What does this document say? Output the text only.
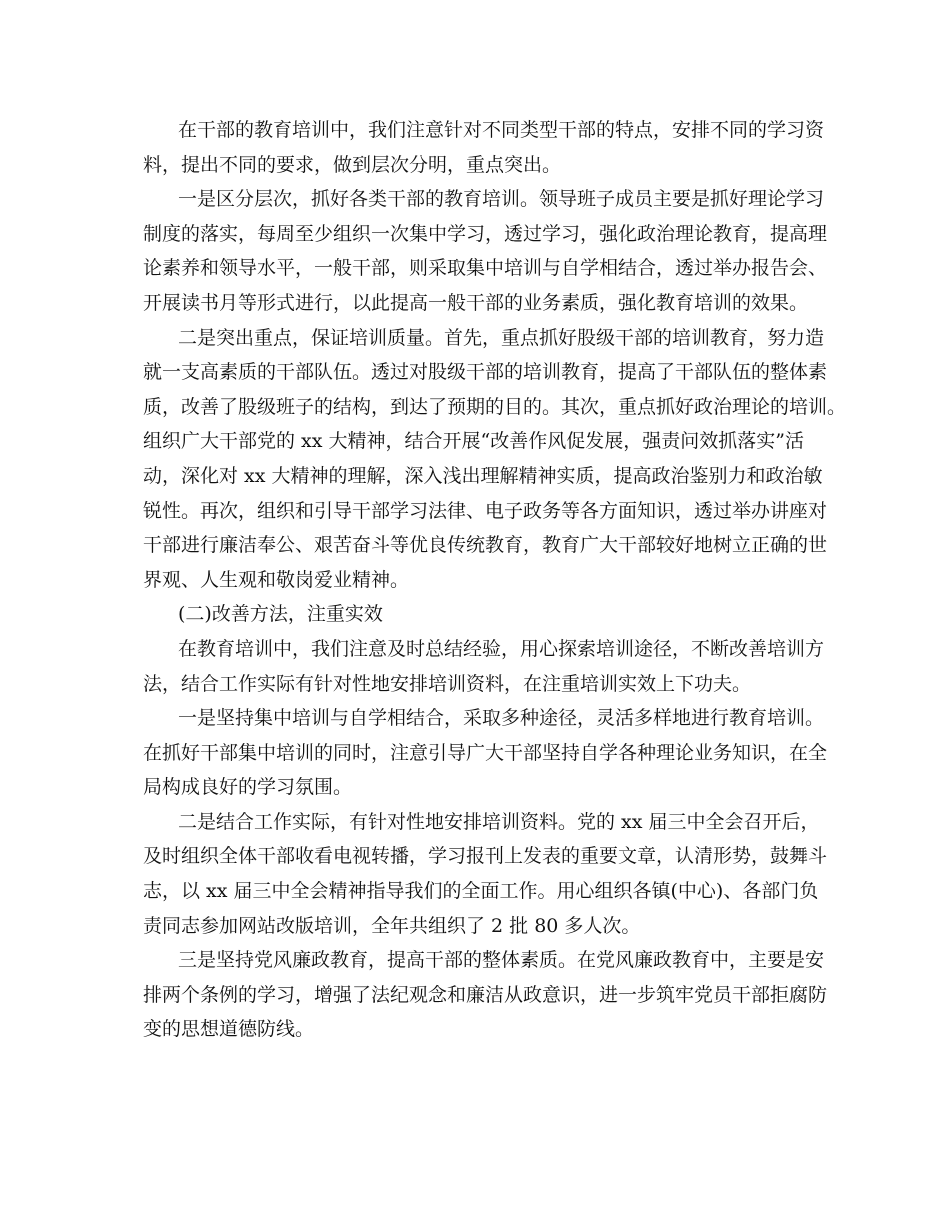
在干部的教育培训中，我们注意针对不同类型干部的特点，安排不同的学习资
料，提出不同的要求，做到层次分明，重点突出。
一是区分层次，抓好各类干部的教育培训。领导班子成员主要是抓好理论学习
制度的落实，每周至少组织一次集中学习，透过学习，强化政治理论教育，提高理
论素养和领导水平，一般干部，则采取集中培训与自学相结合，透过举办报告会、
开展读书月等形式进行，以此提高一般干部的业务素质，强化教育培训的效果。
二是突出重点，保证培训质量。首先，重点抓好股级干部的培训教育，努力造
就一支高素质的干部队伍。透过对股级干部的培训教育，提高了干部队伍的整体素
质，改善了股级班子的结构，到达了预期的目的。其次，重点抓好政治理论的培训。
组织广大干部党的 xx 大精神，结合开展“改善作风促发展，强责问效抓落实”活
动，深化对 xx 大精神的理解，深入浅出理解精神实质，提高政治鉴别力和政治敏
锐性。再次，组织和引导干部学习法律、电子政务等各方面知识，透过举办讲座对
干部进行廉洁奉公、艰苦奋斗等优良传统教育，教育广大干部较好地树立正确的世
界观、人生观和敬岗爱业精神。
(二)改善方法，注重实效
在教育培训中，我们注意及时总结经验，用心探索培训途径，不断改善培训方
法，结合工作实际有针对性地安排培训资料，在注重培训实效上下功夫。
一是坚持集中培训与自学相结合，采取多种途径，灵活多样地进行教育培训。
在抓好干部集中培训的同时，注意引导广大干部坚持自学各种理论业务知识，在全
局构成良好的学习氛围。
二是结合工作实际，有针对性地安排培训资料。党的 xx 届三中全会召开后，
及时组织全体干部收看电视转播，学习报刊上发表的重要文章，认清形势，鼓舞斗
志，以 xx 届三中全会精神指导我们的全面工作。用心组织各镇(中心)、各部门负
责同志参加网站改版培训，全年共组织了 2 批 80 多人次。
三是坚持党风廉政教育，提高干部的整体素质。在党风廉政教育中，主要是安
排两个条例的学习，增强了法纪观念和廉洁从政意识，进一步筑牢党员干部拒腐防
变的思想道德防线。
